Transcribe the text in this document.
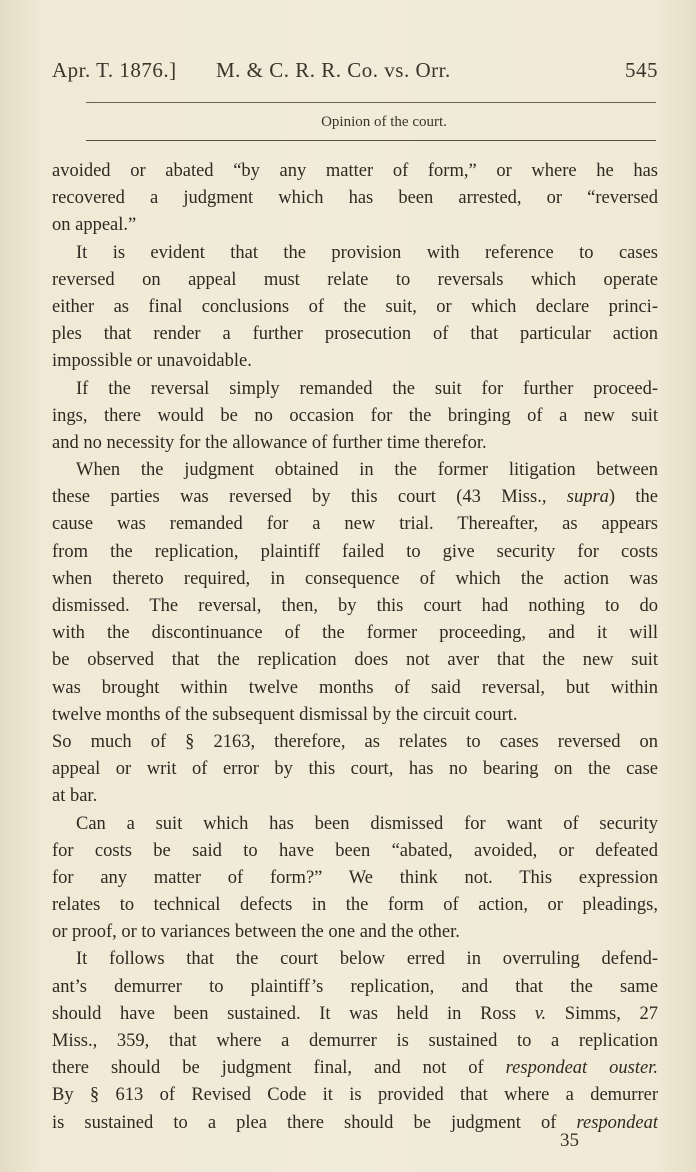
Apr. T. 1876.] M. & C. R. R. Co. vs. Orr.	545
Opinion of the court.
avoided or abated “by any matter of form,” or where he has
recovered a judgment which has been arrested, or “reversed
on appeal.”
It is evident that the provision with reference to cases
reversed on appeal must relate to reversals which operate
either as final conclusions of the suit, or which declare princi-
ples that render a further prosecution of that particular action
impossible or unavoidable.
If the reversal simply remanded the suit for further proceed-
ings, there would be no occasion for the bringing of a new suit
and no necessity for the allowance of further time therefor.
When the judgment obtained in the former litigation between
these parties was reversed by this court (43 Miss., supra) the
cause was remanded for a new trial. Thereafter, as appears
from the replication, plaintiff failed to give security for costs
when thereto required, in consequence of which the action was
dismissed. The reversal, then, by this court had nothing to do
with the discontinuance of the former proceeding, and it will
be observed that the replication does not aver that the new suit
was brought within twelve months of said reversal, but within
twelve months of the subsequent dismissal by the circuit court.
So much of § 2163, therefore, as relates to cases reversed on
appeal or writ of error by this court, has no bearing on the case
at bar.
Can a suit which has been dismissed for want of security
for costs be said to have been “abated, avoided, or defeated
for any matter of form?” We think not. This expression
relates to technical defects in the form of action, or pleadings,
or proof, or to variances between the one and the other.
It follows that the court below erred in overruling defend-
ant’s demurrer to plaintiff’s replication, and that the same
should have been sustained. It was held in Ross v. Simms, 27
Miss., 359, that where a demurrer is sustained to a replication
there should be judgment final, and not of respondeat ouster.
By § 613 of Revised Code it is provided that where a demurrer
is sustained to a plea there should be judgment of respondeat
35
